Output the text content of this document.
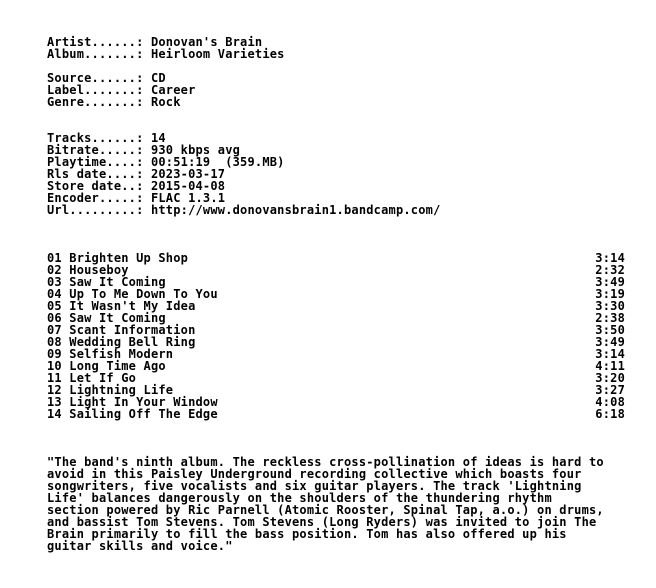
Artist......: Donovan's Brain
Album.......: Heirloom Varieties
Source......: CD
Label.......: Career
Genre.......: Rock
Tracks......: 14
Bitrate.....: 930 kbps avg
Playtime....: 00:51:19  (359.MB)
Rls date....: 2023-03-17
Store date..: 2015-04-08
Encoder.....: FLAC 1.3.1
Url.........: http://www.donovansbrain1.bandcamp.com/
01 Brighten Up Shop	3:14
02 Houseboy	2:32
03 Saw It Coming	3:49
04 Up To Me Down To You	3:19
05 It Wasn't My Idea	3:30
06 Saw It Coming	2:38
07 Scant Information	3:50
08 Wedding Bell Ring	3:49
09 Selfish Modern	3:14
10 Long Time Ago	4:11
11 Let If Go	3:20
12 Lightning Life	3:27
13 Light In Your Window	4:08
14 Sailing Off The Edge	6:18
"The band's ninth album. The reckless cross-pollination of ideas is hard to
avoid in this Paisley Underground recording collective which boasts four
songwriters, five vocalists and six guitar players. The track 'Lightning
Life' balances dangerously on the shoulders of the thundering rhythm
section powered by Ric Parnell (Atomic Rooster, Spinal Tap, a.o.) on drums,
and bassist Tom Stevens. Tom Stevens (Long Ryders) was invited to join The
Brain primarily to fill the bass position. Tom has also offered up his
guitar skills and voice."
